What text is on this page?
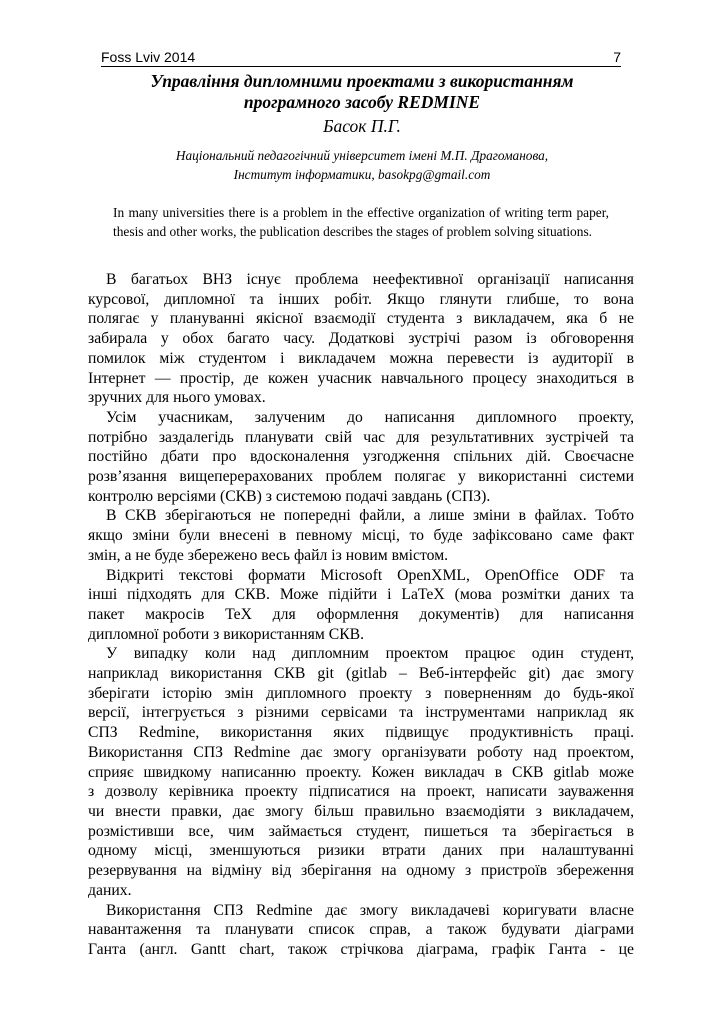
Foss Lviv 2014	7
Управління дипломними проектами з використанням
програмного засобу REDMINE
Басок П.Г.
Національний педагогічний університет імені М.П. Драгоманова,
Інститут інформатики, basokpg@gmail.com
In many universities there is a problem in the effective organization of writing term paper, thesis and other works, the publication describes the stages of problem solving situations.
В багатьох ВНЗ існує проблема неефективної організації написання
курсової, дипломної та інших робіт. Якщо глянути глибше, то вона
полягає у плануванні якісної взаємодії студента з викладачем, яка б не
забирала у обох багато часу. Додаткові зустрічі разом із обговорення
помилок між студентом і викладачем можна перевести із аудиторії в
Інтернет — простір, де кожен учасник навчального процесу знаходиться в
зручних для нього умовах.
Усім учасникам, залученим до написання дипломного проекту,
потрібно заздалегідь планувати свій час для результативних зустрічей та
постійно дбати про вдосконалення узгодження спільних дій. Своєчасне
розв’язання вищеперерахованих проблем полягає у використанні системи
контролю версіями (СКВ) з системою подачі завдань (СПЗ).
В СКВ зберігаються не попередні файли, а лише зміни в файлах. Тобто
якщо зміни були внесені в певному місці, то буде зафіксовано саме факт
змін, а не буде збережено весь файл із новим вмістом.
Відкриті текстові формати Microsoft OpenXML, OpenOffice ODF та
інші підходять для СКВ. Може підійти і LaTeX (мова розмітки даних та
пакет макросів TeX для оформлення документів) для написання
дипломної роботи з використанням СКВ.
У випадку коли над дипломним проектом працює один студент,
наприклад використання СКВ git (gitlab – Веб-інтерфейс git) дає змогу
зберігати історію змін дипломного проекту з поверненням до будь-якої
версії, інтегрується з різними сервісами та інструментами наприклад як
СПЗ Redmine, використання яких підвищує продуктивність праці.
Використання СПЗ Redmine дає змогу організувати роботу над проектом,
сприяє швидкому написанню проекту. Кожен викладач в СКВ gitlab може
з дозволу керівника проекту підписатися на проект, написати зауваження
чи внести правки, дає змогу більш правильно взаємодіяти з викладачем,
розмістивши все, чим займається студент, пишеться та зберігається в
одному місці, зменшуються ризики втрати даних при налаштуванні
резервування на відміну від зберігання на одному з пристроїв збереження
даних.
Використання СПЗ Redmine дає змогу викладачеві коригувати власне
навантаження та планувати список справ, а також будувати діаграми
Ганта (англ. Gantt chart, також стрічкова діаграма, графік Ганта - це
